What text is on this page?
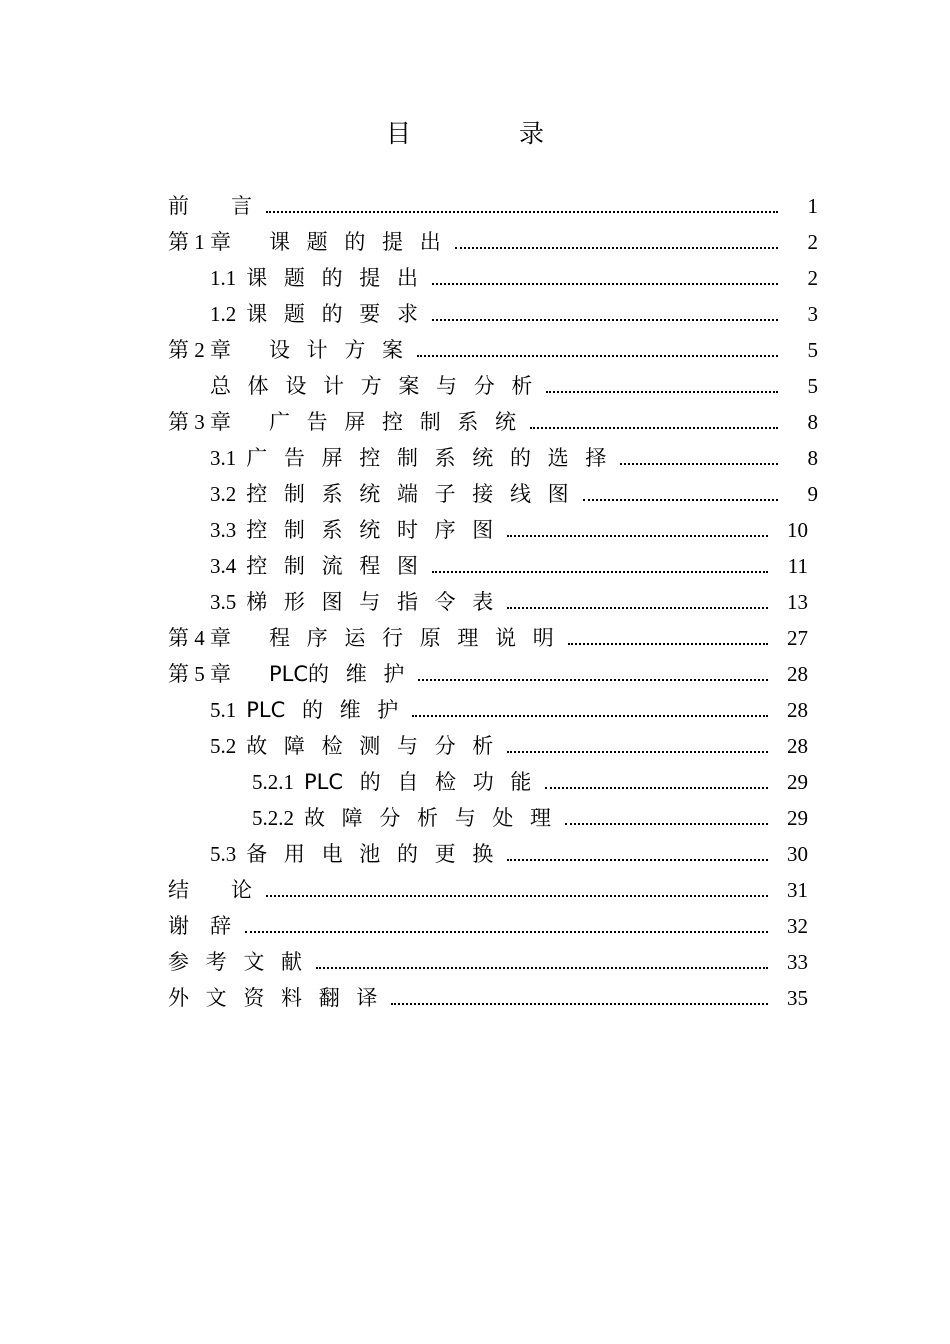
目 录
前　　言	1
第 1 章 课 题 的 提 出	2
1.1 课 题 的 提 出	2
1.2 课 题 的 要 求	3
第 2 章 设 计 方 案	5
总 体 设 计 方 案 与 分 析	5
第 3 章 广 告 屏 控 制 系 统	8
3.1 广 告 屏 控 制 系 统 的 选 择	8
3.2 控 制 系 统 端 子 接 线 图	9
3.3 控 制 系 统 时 序 图	10
3.4 控 制 流 程 图	11
3.5 梯 形 图 与 指 令 表	13
第 4 章 程 序 运 行 原 理 说 明	27
第 5 章 PLC的 维 护	28
5.1 PLC 的 维 护	28
5.2 故 障 检 测 与 分 析	28
5.2.1 PLC 的 自 检 功 能	29
5.2.2 故 障 分 析 与 处 理	29
5.3 备 用 电 池 的 更 换	30
结　　论	31
谢　辞	32
参 考 文 献	33
外 文 资 料 翻 译	35
